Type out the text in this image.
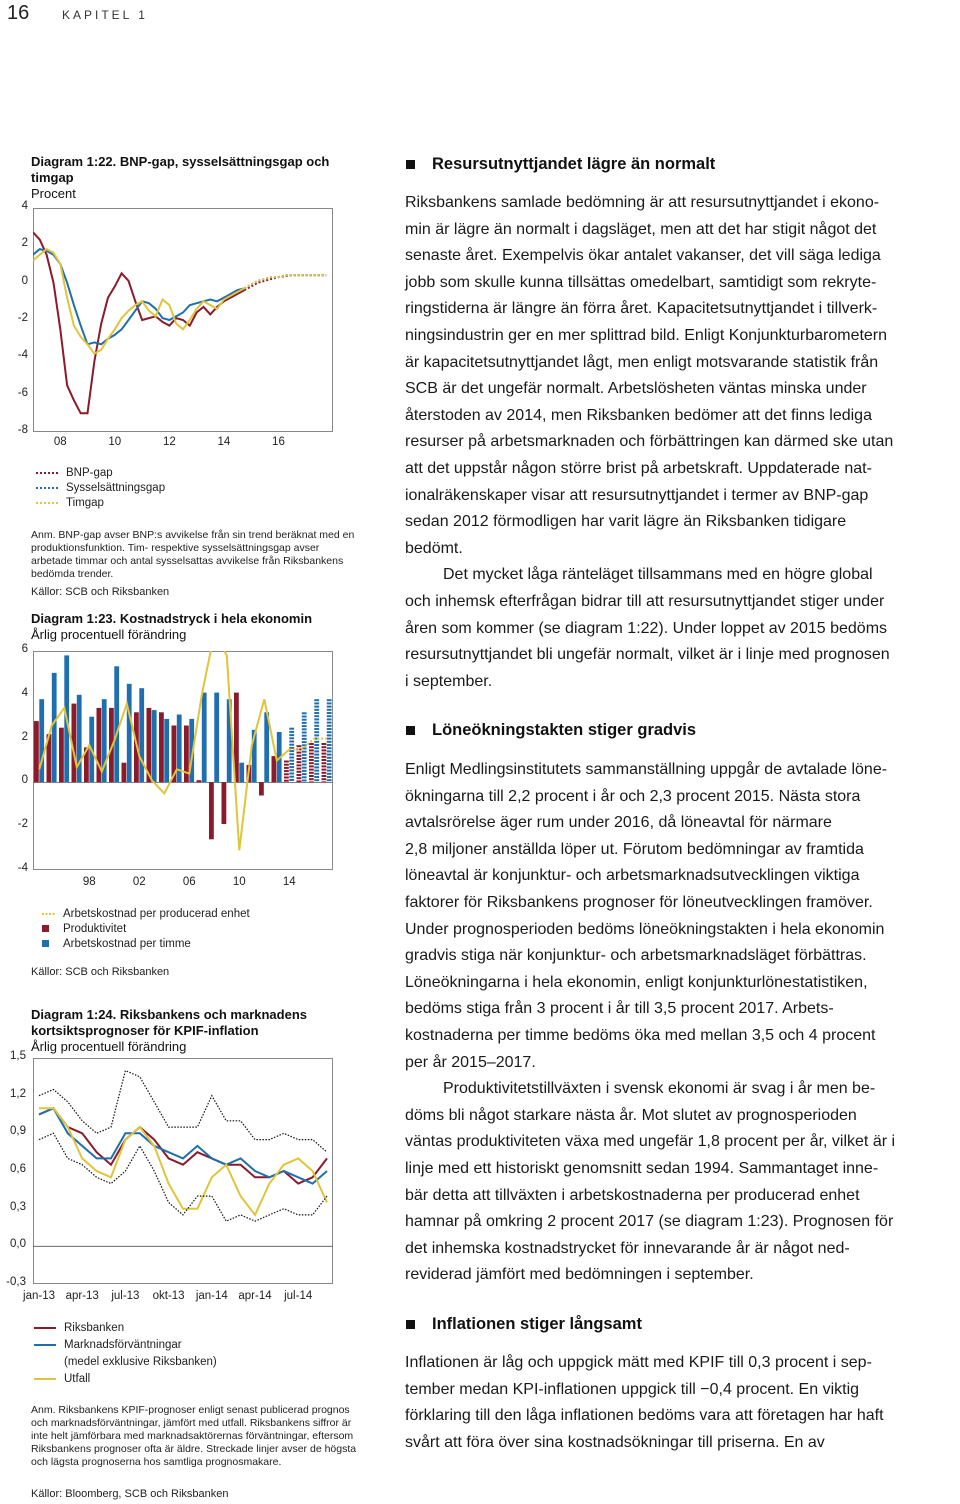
16	KAPITEL 1
Diagram 1:22. BNP-gap, sysselsättningsgap och timgap
Procent
4
2
0
-2
-4
-6
-8
08	10	12	14	16
BNP-gap
Sysselsättningsgap
Timgap
Anm. BNP-gap avser BNP:s avvikelse från sin trend beräknat med en produktionsfunktion. Tim- respektive sysselsättningsgap avser arbetade timmar och antal sysselsattas avvikelse från Riksbankens bedömda trender.
Källor: SCB och Riksbanken
Diagram 1:23. Kostnadstryck i hela ekonomin
Årlig procentuell förändring
6
4
2
0
-2
-4
98	02	06	10	14
Arbetskostnad per producerad enhet
Produktivitet
Arbetskostnad per timme
Källor: SCB och Riksbanken
Diagram 1:24. Riksbankens och marknadens kortsiktsprognoser för KPIF-inflation
Årlig procentuell förändring
1,5
1,2
0,9
0,6
0,3
0,0
-0,3
jan-13 apr-13	jul-13	okt-13 jan-14 apr-14	jul-14
Riksbanken
Marknadsförväntningar
(medel exklusive Riksbanken)
Utfall
Anm. Riksbankens KPIF-prognoser enligt senast publicerad prognos och marknadsförväntningar, jämfört med utfall. Riksbankens siffror är inte helt jämförbara med marknadsaktörernas förväntningar, eftersom Riksbankens prognoser ofta är äldre. Streckade linjer avser de högsta och lägsta prognoserna hos samtliga prognosmakare.
Källor: Bloomberg, SCB och Riksbanken
Resursutnyttjandet lägre än normalt
Riksbankens samlade bedömning är att resursutnyttjandet i ekono-
min är lägre än normalt i dagsläget, men att det har stigit något det
senaste året. Exempelvis ökar antalet vakanser, det vill säga lediga
jobb som skulle kunna tillsättas omedelbart, samtidigt som rekryte-
ringstiderna är längre än förra året. Kapacitetsutnyttjandet i tillverk-
ningsindustrin ger en mer splittrad bild. Enligt Konjunkturbarometern
är kapacitetsutnyttjandet lågt, men enligt motsvarande statistik från
SCB är det ungefär normalt. Arbetslösheten väntas minska under
återstoden av 2014, men Riksbanken bedömer att det finns lediga
resurser på arbetsmarknaden och förbättringen kan därmed ske utan
att det uppstår någon större brist på arbetskraft. Uppdaterade nat-
ionalräkenskaper visar att resursutnyttjandet i termer av BNP-gap
sedan 2012 förmodligen har varit lägre än Riksbanken tidigare
bedömt.
Det mycket låga ränteläget tillsammans med en högre global
och inhemsk efterfrågan bidrar till att resursutnyttjandet stiger under
åren som kommer (se diagram 1:22). Under loppet av 2015 bedöms
resursutnyttjandet bli ungefär normalt, vilket är i linje med prognosen
i september.
Löneökningstakten stiger gradvis
Enligt Medlingsinstitutets sammanställning uppgår de avtalade löne-
ökningarna till 2,2 procent i år och 2,3 procent 2015. Nästa stora
avtalsrörelse äger rum under 2016, då löneavtal för närmare
2,8 miljoner anställda löper ut. Förutom bedömningar av framtida
löneavtal är konjunktur- och arbetsmarknadsutvecklingen viktiga
faktorer för Riksbankens prognoser för löneutvecklingen framöver.
Under prognosperioden bedöms löneökningstakten i hela ekonomin
gradvis stiga när konjunktur- och arbetsmarknadsläget förbättras.
Löneökningarna i hela ekonomin, enligt konjunkturlönestatistiken,
bedöms stiga från 3 procent i år till 3,5 procent 2017. Arbets-
kostnaderna per timme bedöms öka med mellan 3,5 och 4 procent
per år 2015–2017.
Produktivitetstillväxten i svensk ekonomi är svag i år men be-
döms bli något starkare nästa år. Mot slutet av prognosperioden
väntas produktiviteten växa med ungefär 1,8 procent per år, vilket är i
linje med ett historiskt genomsnitt sedan 1994. Sammantaget inne-
bär detta att tillväxten i arbetskostnaderna per producerad enhet
hamnar på omkring 2 procent 2017 (se diagram 1:23). Prognosen för
det inhemska kostnadstrycket för innevarande år är något ned-
reviderad jämfört med bedömningen i september.
Inflationen stiger långsamt
Inflationen är låg och uppgick mätt med KPIF till 0,3 procent i sep-
tember medan KPI-inflationen uppgick till −0,4 procent. En viktig
förklaring till den låga inflationen bedöms vara att företagen har haft
svårt att föra över sina kostnadsökningar till priserna. En av
